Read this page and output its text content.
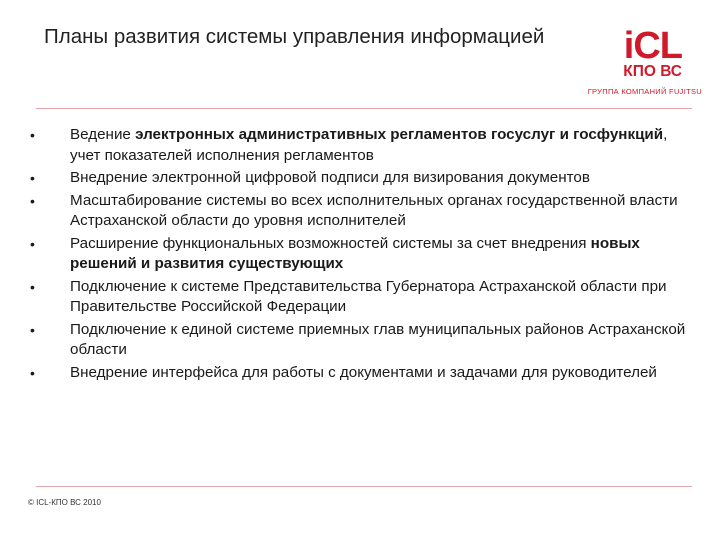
Планы развития системы управления информацией	iCL
КПО ВС
ГРУППА КОМПАНИЙ FUJITSU
• Ведение электронных административных регламентов госуслуг и госфункций, учет показателей исполнения регламентов
• Внедрение электронной цифровой подписи для визирования документов
• Масштабирование системы во всех исполнительных органах государственной власти Астраханской области до уровня исполнителей
• Расширение функциональных возможностей системы за счет внедрения новых решений и развития существующих
• Подключение к системе Представительства Губернатора Астраханской области при Правительстве Российской Федерации
• Подключение к единой системе приемных глав муниципальных районов Астраханской области
• Внедрение интерфейса для работы с документами и задачами для руководителей
© ICL-КПО ВС 2010
